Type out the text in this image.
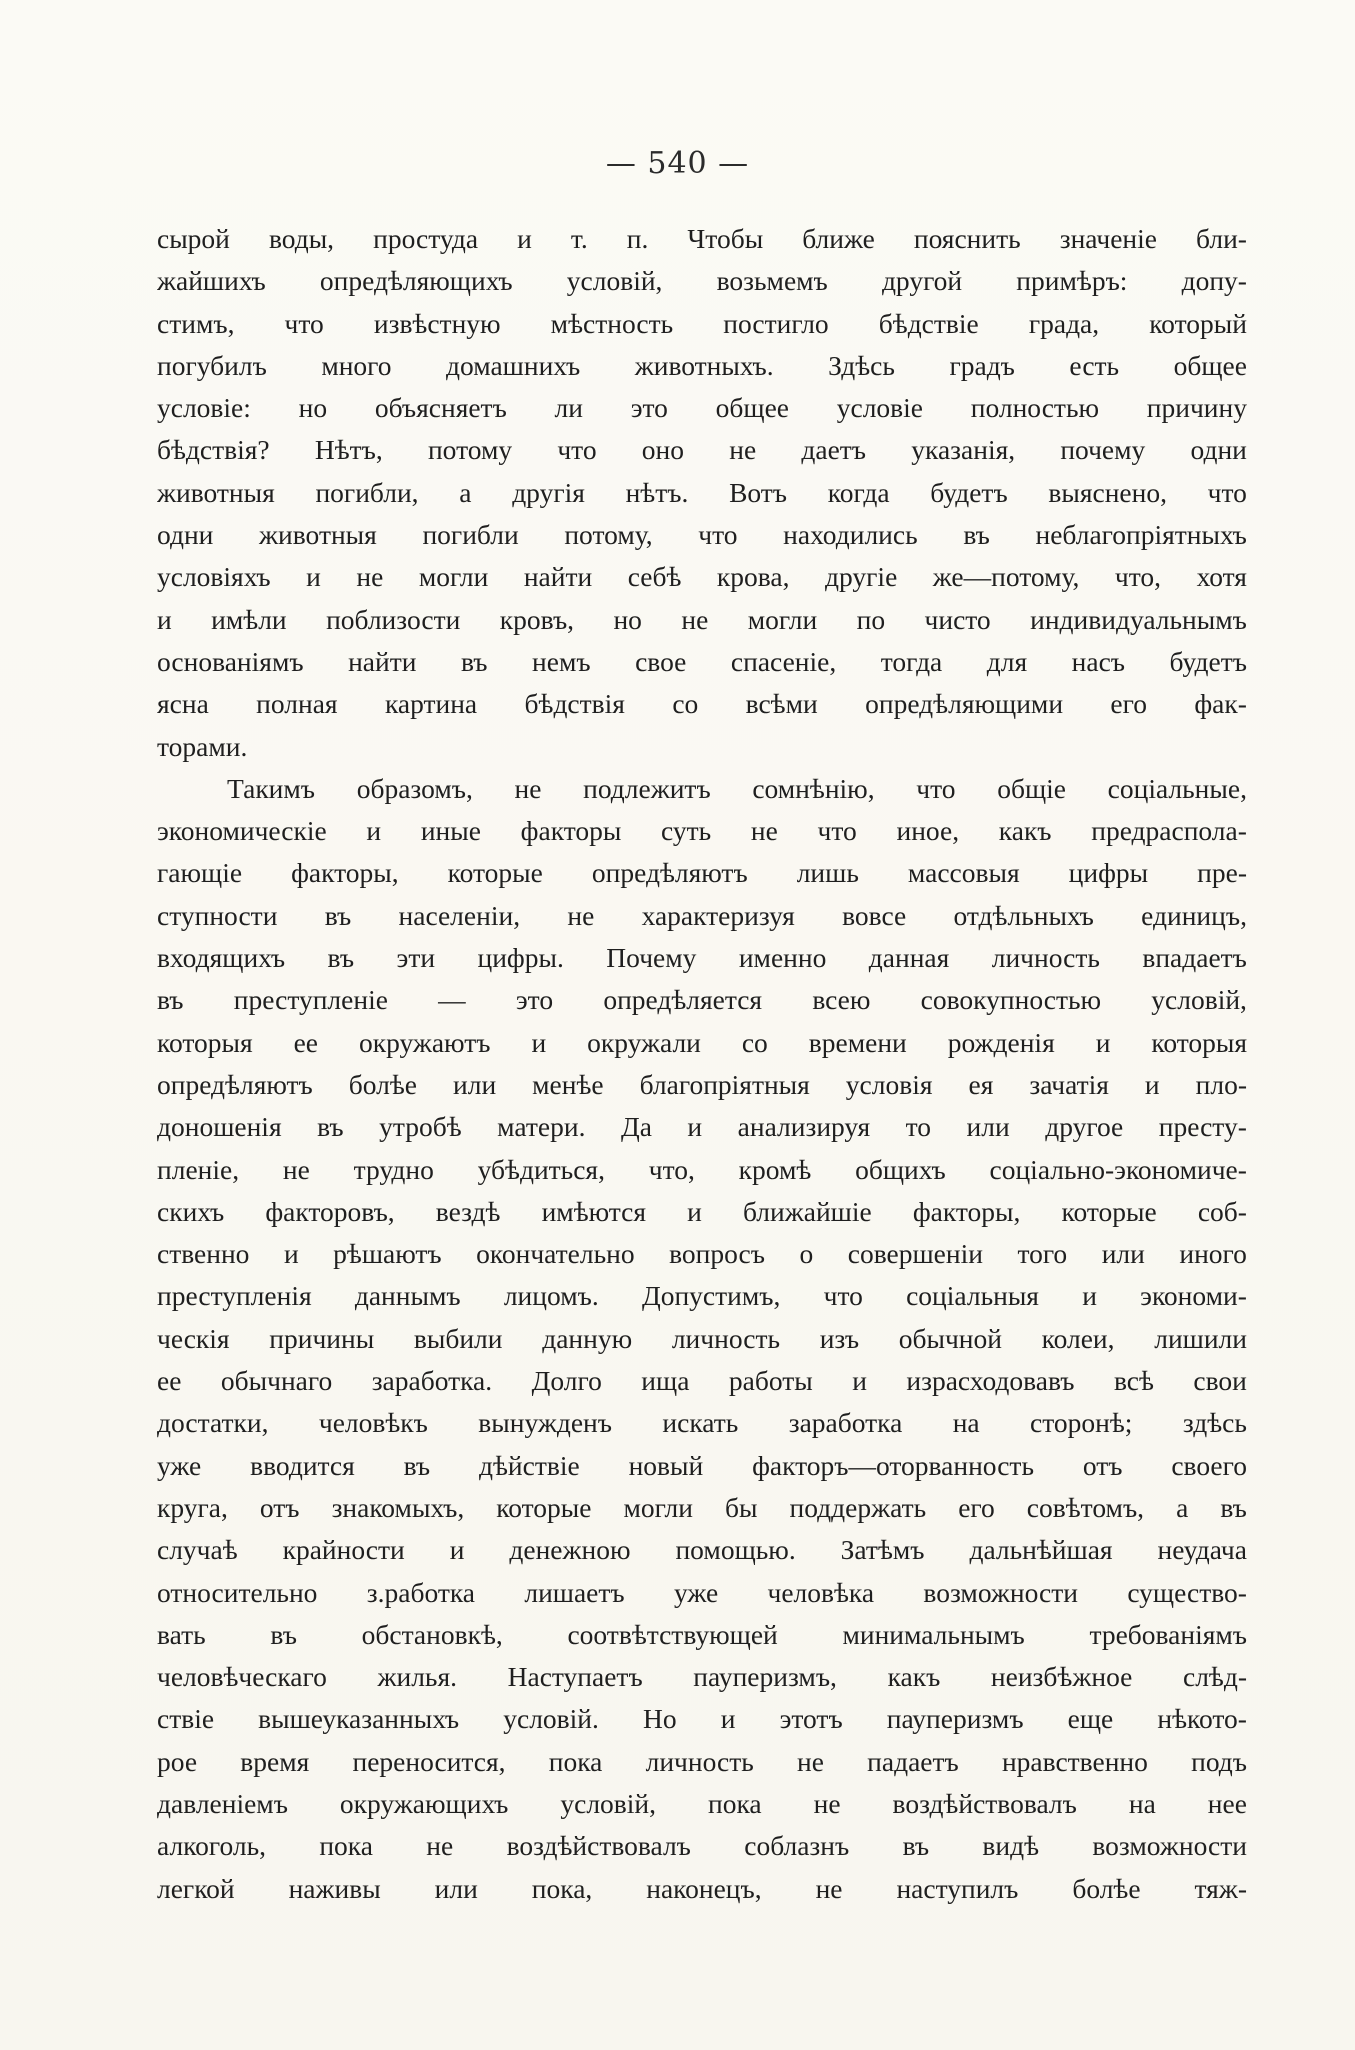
— 540 —
сырой воды, простуда и т. п. Чтобы ближе пояснить значеніе бли-
жайшихъ опредѣляющихъ условій, возьмемъ другой примѣръ: допу-
стимъ, что извѣстную мѣстность постигло бѣдствіе града, который
погубилъ много домашнихъ животныхъ. Здѣсь градъ есть общее
условіе: но объясняетъ ли это общее условіе полностью причину
бѣдствія? Нѣтъ, потому что оно не даетъ указанія, почему одни
животныя погибли, а другія нѣтъ. Вотъ когда будетъ выяснено, что
одни животныя погибли потому, что находились въ неблагопріятныхъ
условіяхъ и не могли найти себѣ крова, другіе же—потому, что, хотя
и имѣли поблизости кровъ, но не могли по чисто индивидуальнымъ
основаніямъ найти въ немъ свое спасеніе, тогда для насъ будетъ
ясна полная картина бѣдствія со всѣми опредѣляющими его фак-
торами.
Такимъ образомъ, не подлежитъ сомнѣнію, что общіе соціальные,
экономическіе и иные факторы суть не что иное, какъ предраспола-
гающіе факторы, которые опредѣляютъ лишь массовыя цифры пре-
ступности въ населеніи, не характеризуя вовсе отдѣльныхъ единицъ,
входящихъ въ эти цифры. Почему именно данная личность впадаетъ
въ преступленіе — это опредѣляется всею совокупностью условій,
которыя ее окружаютъ и окружали со времени рожденія и которыя
опредѣляютъ болѣе или менѣе благопріятныя условія ея зачатія и пло-
доношенія въ утробѣ матери. Да и анализируя то или другое престу-
пленіе, не трудно убѣдиться, что, кромѣ общихъ соціально-экономиче-
скихъ факторовъ, вездѣ имѣются и ближайшіе факторы, которые соб-
ственно и рѣшаютъ окончательно вопросъ о совершеніи того или иного
преступленія даннымъ лицомъ. Допустимъ, что соціальныя и экономи-
ческія причины выбили данную личность изъ обычной колеи, лишили
ее обычнаго заработка. Долго ища работы и израсходовавъ всѣ свои
достатки, человѣкъ вынужденъ искать заработка на сторонѣ; здѣсь
уже вводится въ дѣйствіе новый факторъ—оторванность отъ своего
круга, отъ знакомыхъ, которые могли бы поддержать его совѣтомъ, а въ
случаѣ крайности и денежною помощью. Затѣмъ дальнѣйшая неудача
относительно з.работка лишаетъ уже человѣка возможности существо-
вать въ обстановкѣ, соотвѣтствующей минимальнымъ требованіямъ
человѣческаго жилья. Наступаетъ пауперизмъ, какъ неизбѣжное слѣд-
ствіе вышеуказанныхъ условій. Но и этотъ пауперизмъ еще нѣкото-
рое время переносится, пока личность не падаетъ нравственно подъ
давленіемъ окружающихъ условій, пока не воздѣйствовалъ на нее
алкоголь, пока не воздѣйствовалъ соблазнъ въ видѣ возможности
легкой наживы или пока, наконецъ, не наступилъ болѣе тяж-
